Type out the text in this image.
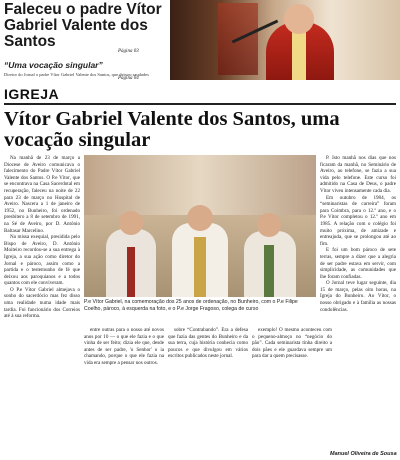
Faleceu o padre Vítor Gabriel Valente dos Santos
Página 03
“Uma vocação singular”
Diretor do Jornal o padre Vítor Gabriel Valente dos Santos, que deixou saudades
Página 04
IGREJA
Vítor Gabriel Valente dos Santos, uma vocação singular

Na manhã de 23 de março a Diocese de Aveiro comunicava o falecimento do Padre Vítor Gabriel Valente dos Santos. O P.e Vítor, que se encontrava na Casa Sacerdotal em recuperação, faleceu na noite de 22 para 23 de março no Hospital de Aveiro. Nascera a 1 de janeiro de 1952, no Bunheiro, foi ordenado presbítero a 8 de setembro de 1991, na Sé de Aveiro, por D. António Baltasar Marcelino.

Na missa exequial, presidida pelo Bispo de Aveiro, D. António Moiteiro recordou-se a sua entrega à Igreja, a sua ação como diretor do Jornal e pároco, assim como a partida e o testemunho de fé que deixou aos paroquianos e a todos quantos com ele conviveram.

O P.e Vítor Gabriel almejava o sonho do sacerdócio mas fez disso uma realidade numa idade mais tardia. Foi funcionário dos Correios até à sua reforma.

P.e Vítor Gabriel, na comemoração dos 25 anos de ordenação, no Bunheiro, com o P.e Filipe Coelho, pároco, à esquerda na foto, e o P.e Jorge Fragoso, colega de curso

entre outras para o nosso até novos anos por 10 — o que ele fazia e o que vinha de ser feito; dizia ele que, desde antes de ser padre, 'o Senhor' o ia chamando, porque o que ele fazia na vida era sempre a pensar nos outros.

sobre “Contrabando”. Era a defesa que fazia das gentes do Bunheiro e da sua terra, cuja história conhecia como poucos e que divulgou em vários escritos publicados neste jornal.

exemplo! O mesmo aconteceu com o pequeno-almoço no “negócio do pão”. Cada seminarista tinha direito a dois pães e ele guardava sempre um para dar a quem precisasse.

P. Isto manhã nos dias que nos ficaram da manhã, no Seminário de Aveiro, ao telefone, se fazia a sua vida pelo telefone. Este curso foi admitido na Casa de Deus, o padre Vítor viveu intensamente cada dia.

Em outubro de 1984, os “seminaristas de carreira” foram para Coimbra, para o 12.º ano, e o P.e Vítor completou o 12.º ano em 1985. A relação com o colégio foi muito próxima, de amizade e entreajuda, que se prolongou até ao fim.

E foi um bom pároco de sete terras, sempre a dizer que a alegria de ser padre estava em servir, com simplicidade, as comunidades que lhe foram confiadas.

O Jornal teve lugar seguinte, dia 15 de março, pelas oito horas, na Igreja do Bunheiro. Ao Vítor, o nosso obrigado e à família as nossas condolências.

Manuel Oliveira de Sousa
